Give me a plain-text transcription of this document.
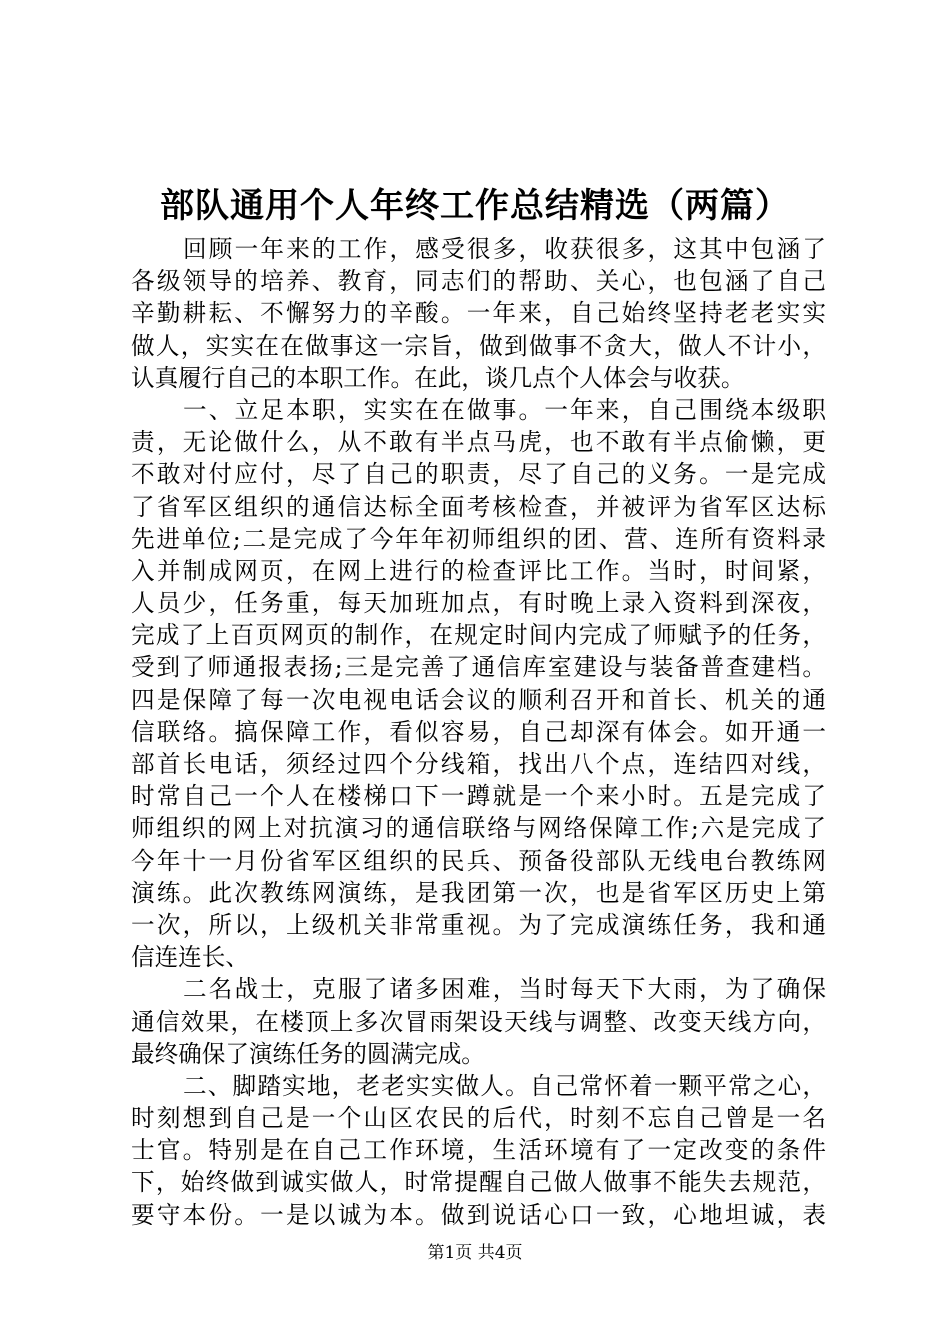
部队通用个人年终工作总结精选（两篇）
回顾一年来的工作，感受很多，收获很多，这其中包涵了
各级领导的培养、教育，同志们的帮助、关心，也包涵了自己
辛勤耕耘、不懈努力的辛酸。一年来，自己始终坚持老老实实
做人，实实在在做事这一宗旨，做到做事不贪大，做人不计小，
认真履行自己的本职工作。在此，谈几点个人体会与收获。
一、立足本职，实实在在做事。一年来，自己围绕本级职
责，无论做什么，从不敢有半点马虎，也不敢有半点偷懒，更
不敢对付应付，尽了自己的职责，尽了自己的义务。一是完成
了省军区组织的通信达标全面考核检查，并被评为省军区达标
先进单位;二是完成了今年年初师组织的团、营、连所有资料录
入并制成网页，在网上进行的检查评比工作。当时，时间紧，
人员少，任务重，每天加班加点，有时晚上录入资料到深夜，
完成了上百页网页的制作，在规定时间内完成了师赋予的任务，
受到了师通报表扬;三是完善了通信库室建设与装备普查建档。
四是保障了每一次电视电话会议的顺利召开和首长、机关的通
信联络。搞保障工作，看似容易，自己却深有体会。如开通一
部首长电话，须经过四个分线箱，找出八个点，连结四对线，
时常自己一个人在楼梯口下一蹲就是一个来小时。五是完成了
师组织的网上对抗演习的通信联络与网络保障工作;六是完成了
今年十一月份省军区组织的民兵、预备役部队无线电台教练网
演练。此次教练网演练，是我团第一次，也是省军区历史上第
一次，所以，上级机关非常重视。为了完成演练任务，我和通
信连连长、
二名战士，克服了诸多困难，当时每天下大雨，为了确保
通信效果，在楼顶上多次冒雨架设天线与调整、改变天线方向，
最终确保了演练任务的圆满完成。
二、脚踏实地，老老实实做人。自己常怀着一颗平常之心，
时刻想到自己是一个山区农民的后代，时刻不忘自己曾是一名
士官。特别是在自己工作环境，生活环境有了一定改变的条件
下，始终做到诚实做人，时常提醒自己做人做事不能失去规范，
要守本份。一是以诚为本。做到说话心口一致，心地坦诚，表
第1页 共4页
